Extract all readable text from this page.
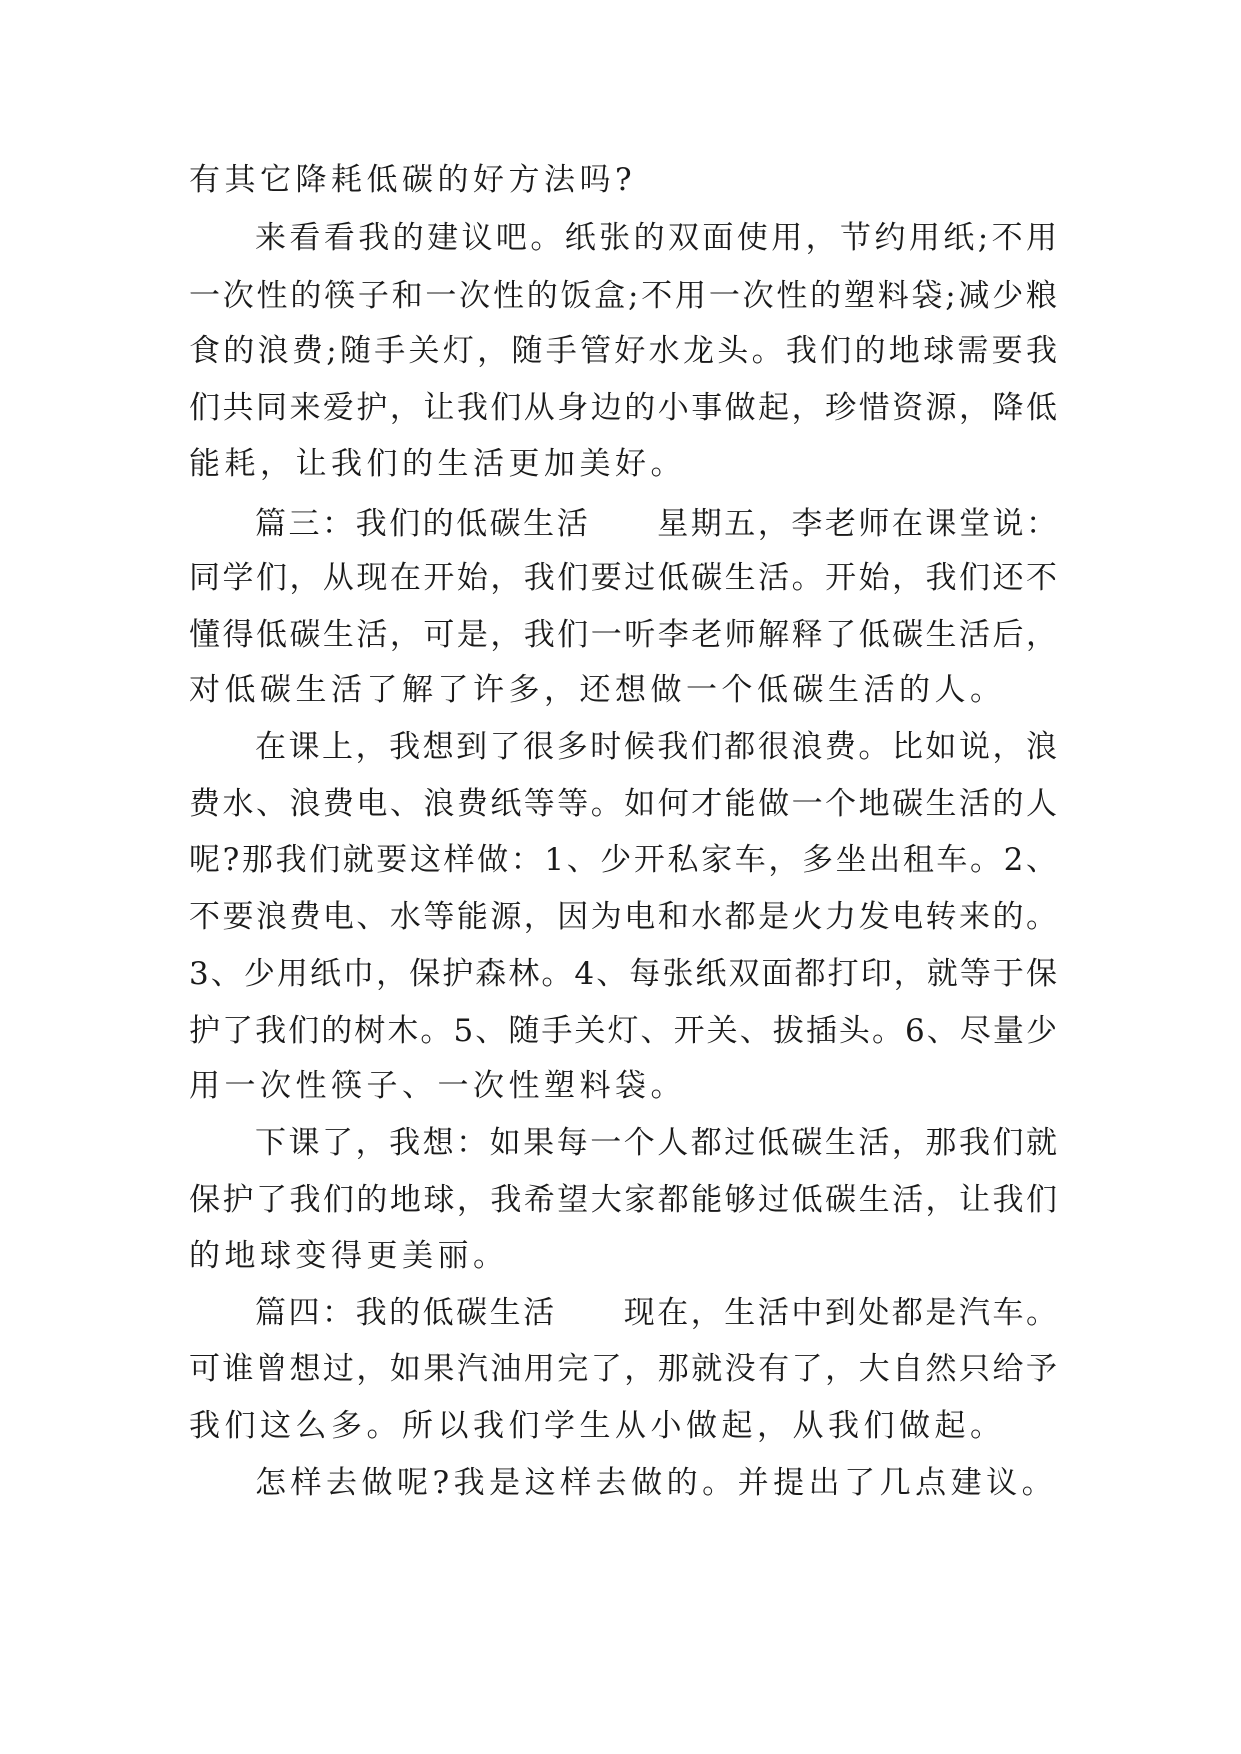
有其它降耗低碳的好方法吗?
来看看我的建议吧。纸张的双面使用，节约用纸;不用
一次性的筷子和一次性的饭盒;不用一次性的塑料袋;减少粮
食的浪费;随手关灯，随手管好水龙头。我们的地球需要我
们共同来爱护，让我们从身边的小事做起，珍惜资源，降低
能耗，让我们的生活更加美好。
篇三：我们的低碳生活　　星期五，李老师在课堂说：
同学们，从现在开始，我们要过低碳生活。开始，我们还不
懂得低碳生活，可是，我们一听李老师解释了低碳生活后，
对低碳生活了解了许多，还想做一个低碳生活的人。
在课上，我想到了很多时候我们都很浪费。比如说，浪
费水、浪费电、浪费纸等等。如何才能做一个地碳生活的人
呢?那我们就要这样做：1、少开私家车，多坐出租车。2、
不要浪费电、水等能源，因为电和水都是火力发电转来的。
3、少用纸巾，保护森林。4、每张纸双面都打印，就等于保
护了我们的树木。5、随手关灯、开关、拔插头。6、尽量少
用一次性筷子、一次性塑料袋。
下课了，我想：如果每一个人都过低碳生活，那我们就
保护了我们的地球，我希望大家都能够过低碳生活，让我们
的地球变得更美丽。
篇四：我的低碳生活　　现在，生活中到处都是汽车。
可谁曾想过，如果汽油用完了，那就没有了，大自然只给予
我们这么多。所以我们学生从小做起，从我们做起。
怎样去做呢?我是这样去做的。并提出了几点建议。
